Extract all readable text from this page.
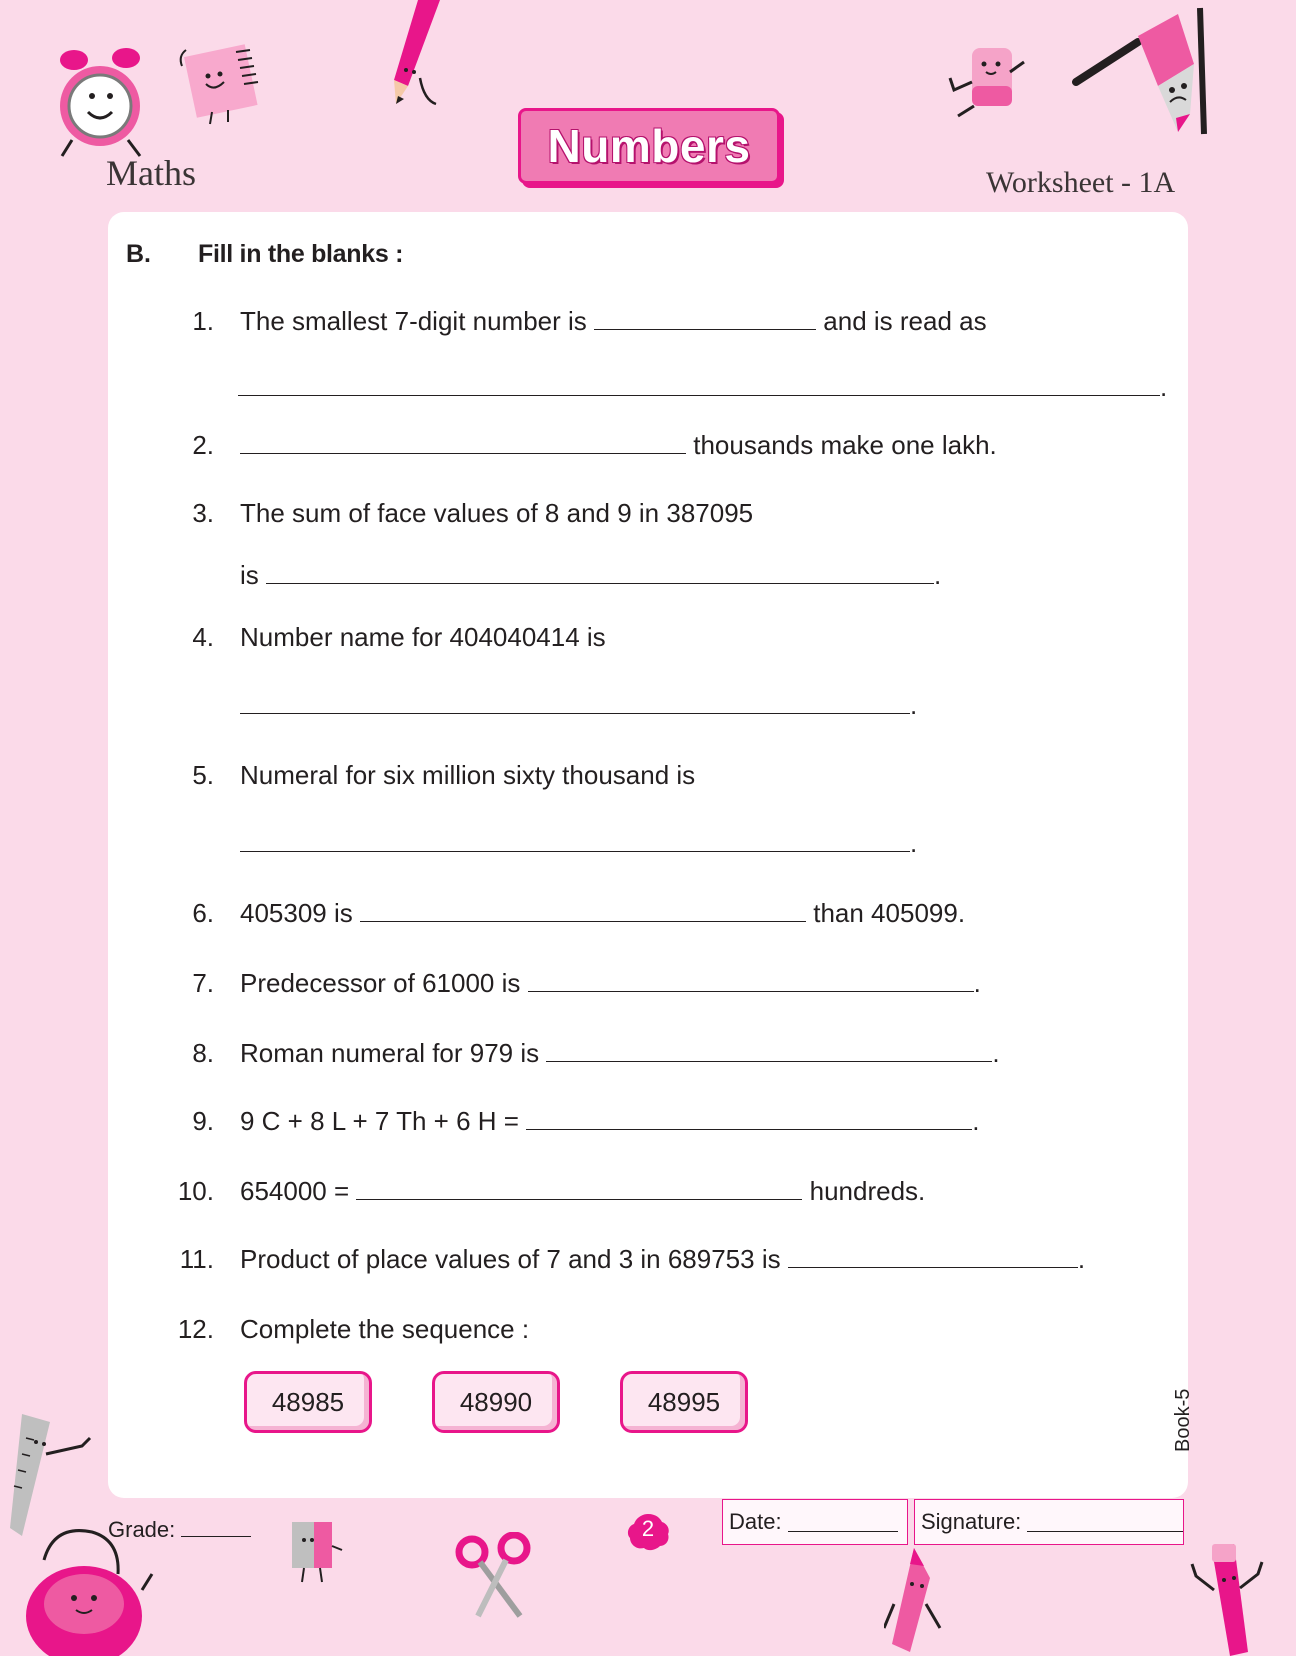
Maths
Numbers
Worksheet - 1A
B. Fill in the blanks :
1. The smallest 7-digit number is	and is read as
.
2.	thousands make one lakh.
3. The sum of face values of 8 and 9 in 387095
is	.
4. Number name for 404040414 is
.
5. Numeral for six million sixty thousand is
.
6. 405309 is	than 405099.
7. Predecessor of 61000 is	.
8. Roman numeral for 979 is	.
9. 9 C + 8 L + 7 Th + 6 H =	.
10. 654000 =	hundreds.
11. Product of place values of 7 and 3 in 689753 is	.
12. Complete the sequence :
48985	48990	48995
Grade:	2	Date:	Signature:
Book-5
